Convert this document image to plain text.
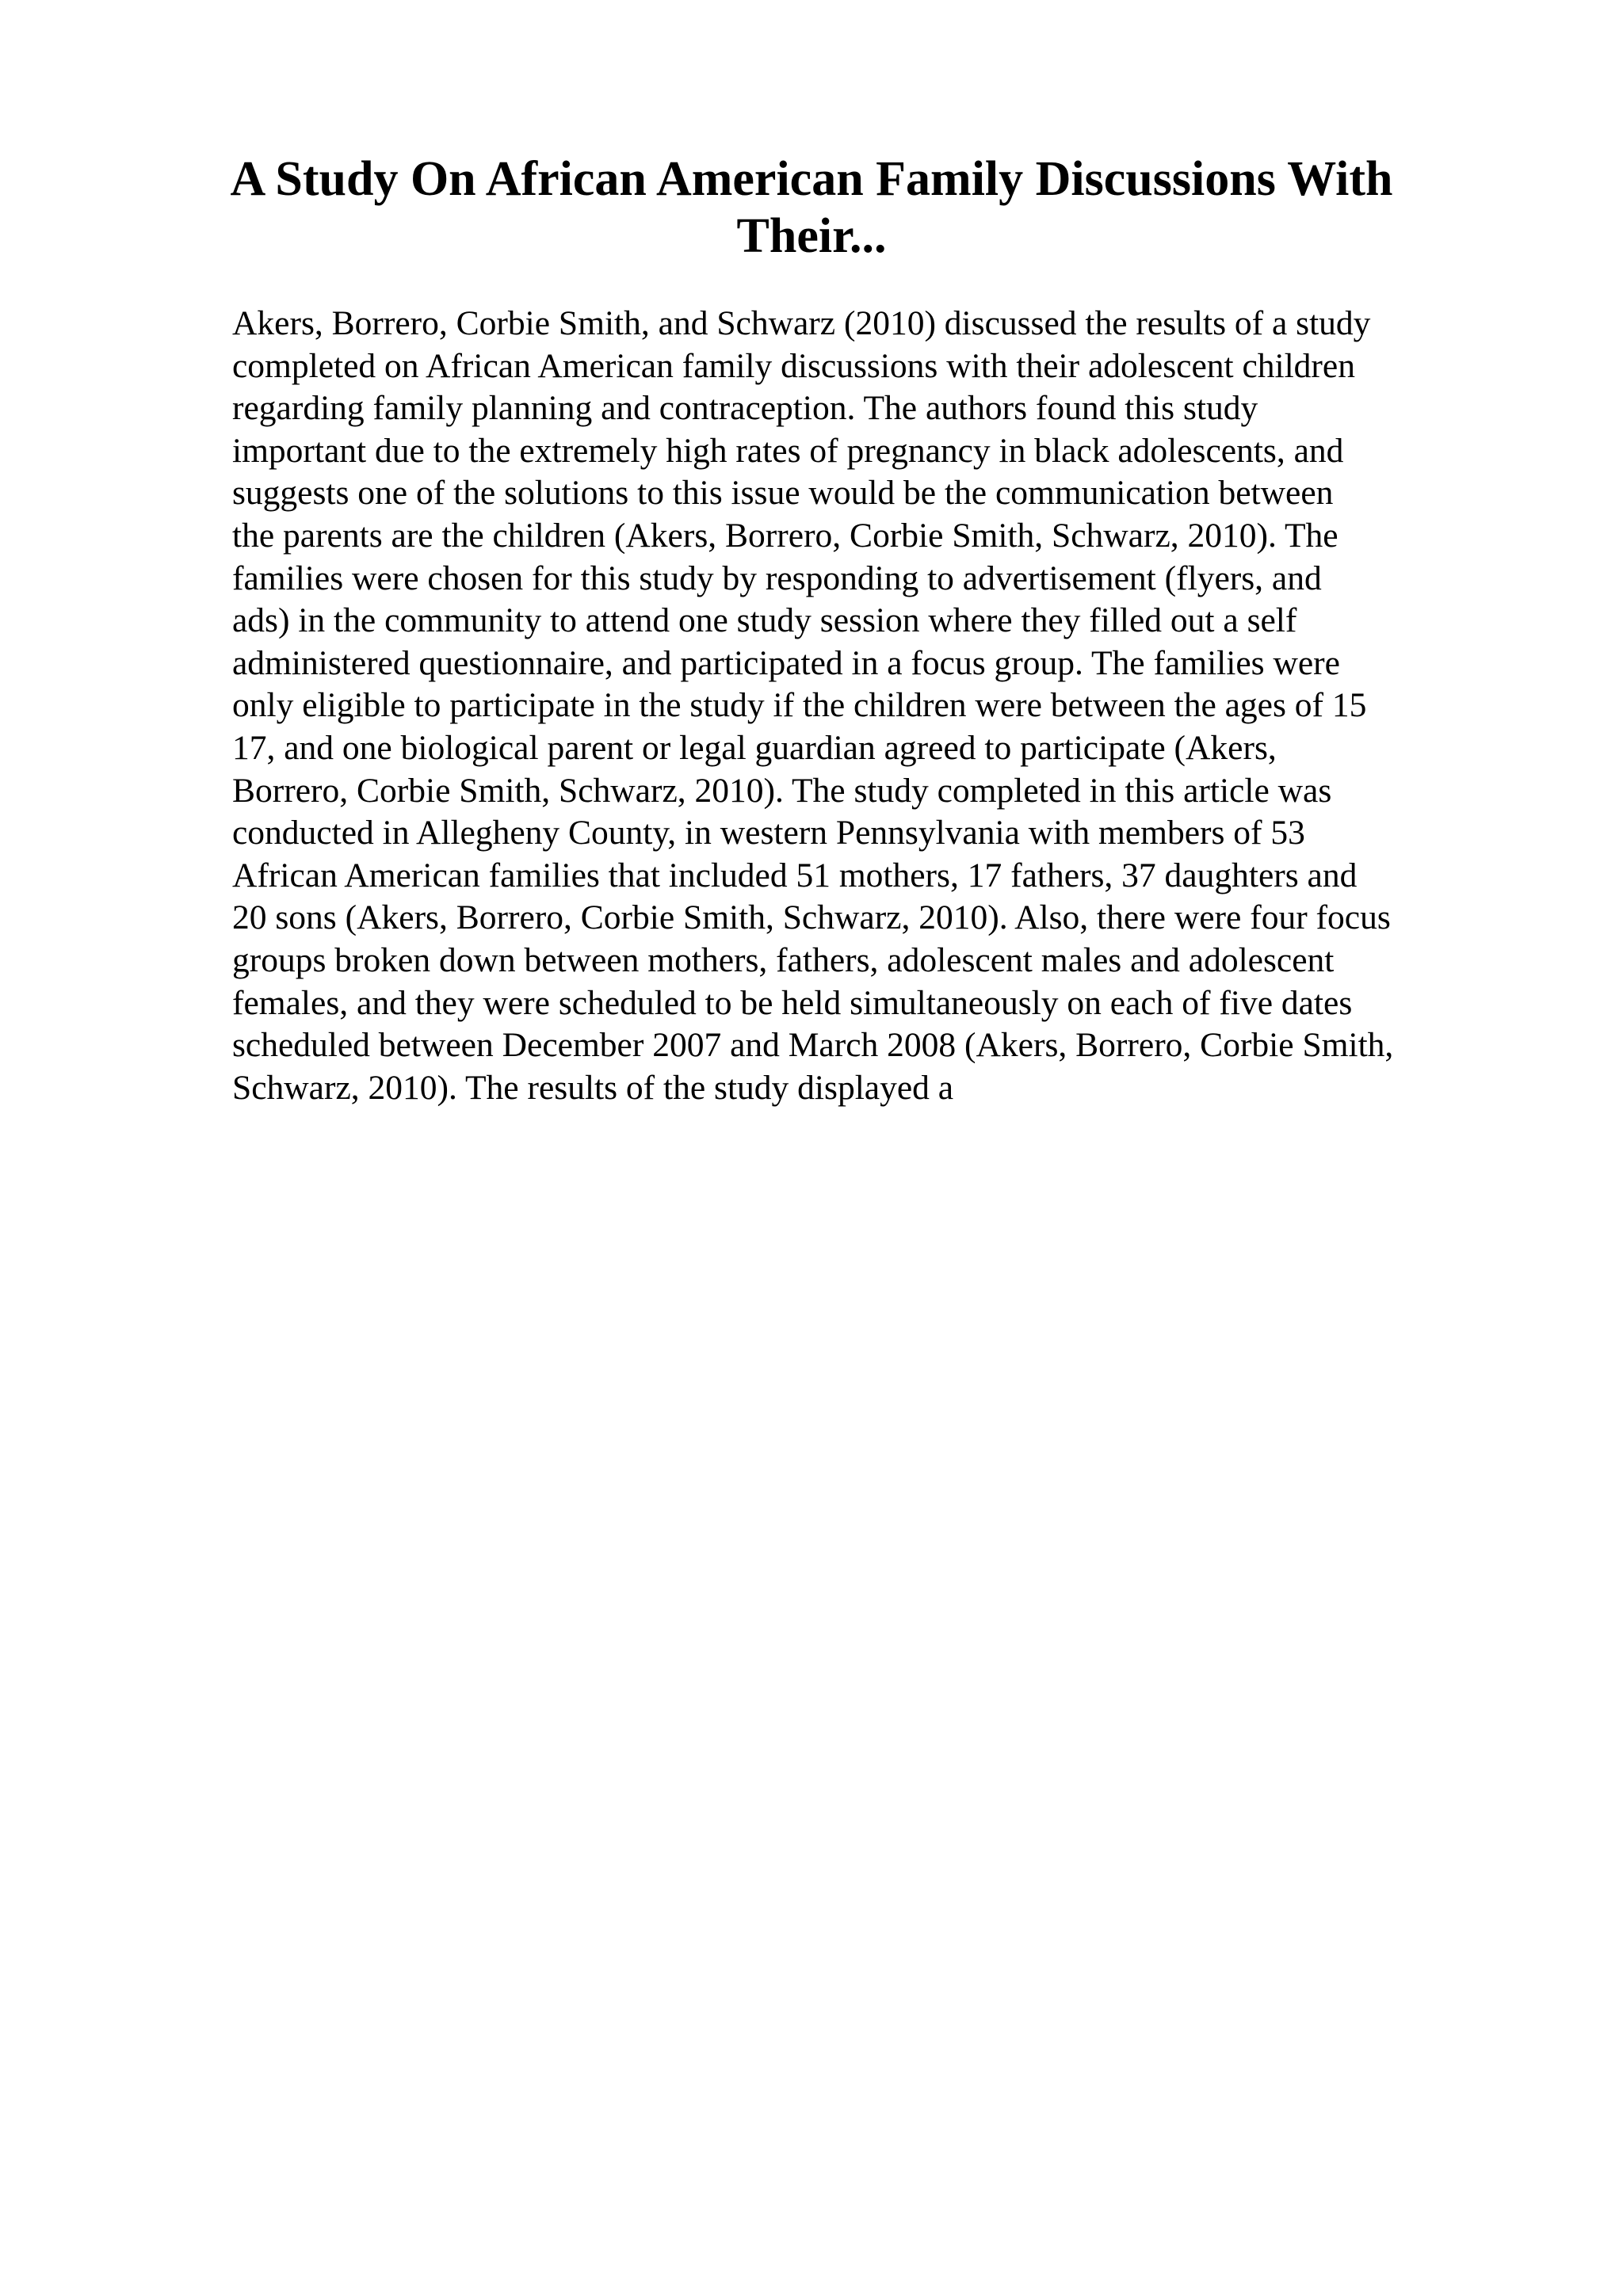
A Study On African American Family Discussions With
Their...
Akers, Borrero, Corbie Smith, and Schwarz (2010) discussed the results of a study
completed on African American family discussions with their adolescent children
regarding family planning and contraception. The authors found this study
important due to the extremely high rates of pregnancy in black adolescents, and
suggests one of the solutions to this issue would be the communication between
the parents are the children (Akers, Borrero, Corbie Smith, Schwarz, 2010). The
families were chosen for this study by responding to advertisement (flyers, and
ads) in the community to attend one study session where they filled out a self
administered questionnaire, and participated in a focus group. The families were
only eligible to participate in the study if the children were between the ages of 15
17, and one biological parent or legal guardian agreed to participate (Akers,
Borrero, Corbie Smith, Schwarz, 2010). The study completed in this article was
conducted in Allegheny County, in western Pennsylvania with members of 53
African American families that included 51 mothers, 17 fathers, 37 daughters and
20 sons (Akers, Borrero, Corbie Smith, Schwarz, 2010). Also, there were four focus
groups broken down between mothers, fathers, adolescent males and adolescent
females, and they were scheduled to be held simultaneously on each of five dates
scheduled between December 2007 and March 2008 (Akers, Borrero, Corbie Smith,
Schwarz, 2010). The results of the study displayed a
